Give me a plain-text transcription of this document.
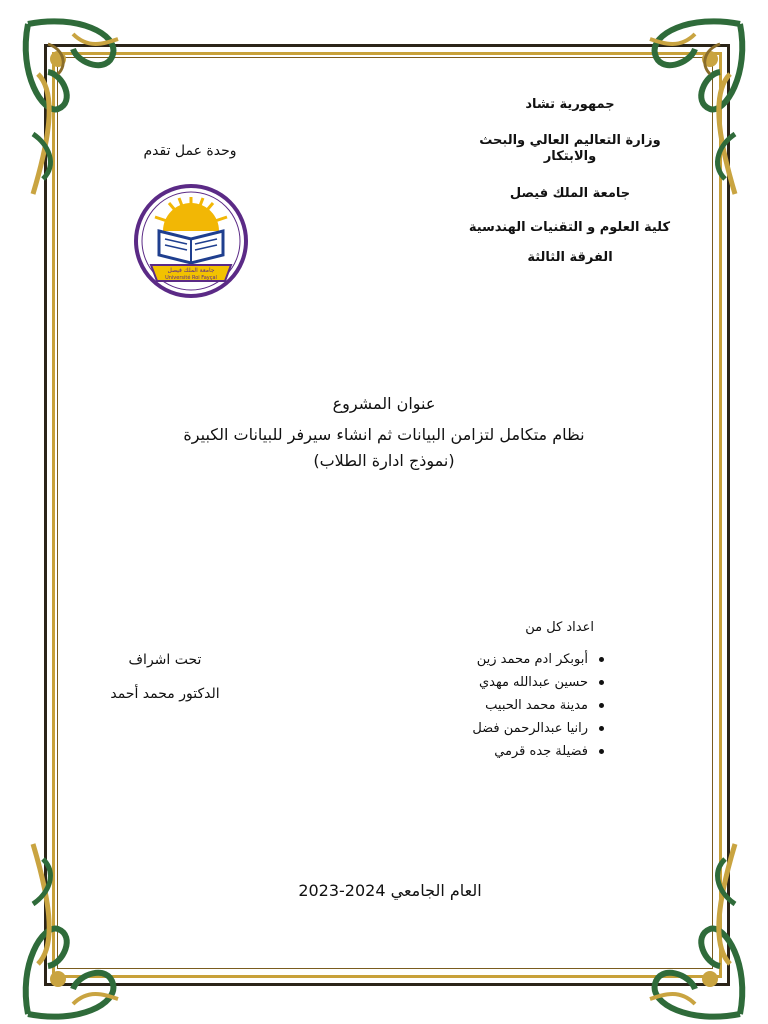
جمهورية تشاد
وزارة التعاليم العالي والبحث
والابتكار
جامعة الملك فيصل
كلية العلوم و التقنيات الهندسية
الفرقة الثالثة
وحدة عمل تقدم
جامعة الملك فيصل
Université Roi Fayçal
عنوان المشروع
نظام متكامل لتزامن البيانات ثم انشاء سيرفر للبيانات الكبيرة
(نموذج ادارة الطلاب)
اعداد كل من
أبوبكر ادم محمد زين
حسين عبدالله مهدي
مدينة محمد الحبيب
رانيا عبدالرحمن فضل
فضيلة جده قرمي
تحت اشراف
الدكتور محمد أحمد
العام الجامعي 2023-2024
